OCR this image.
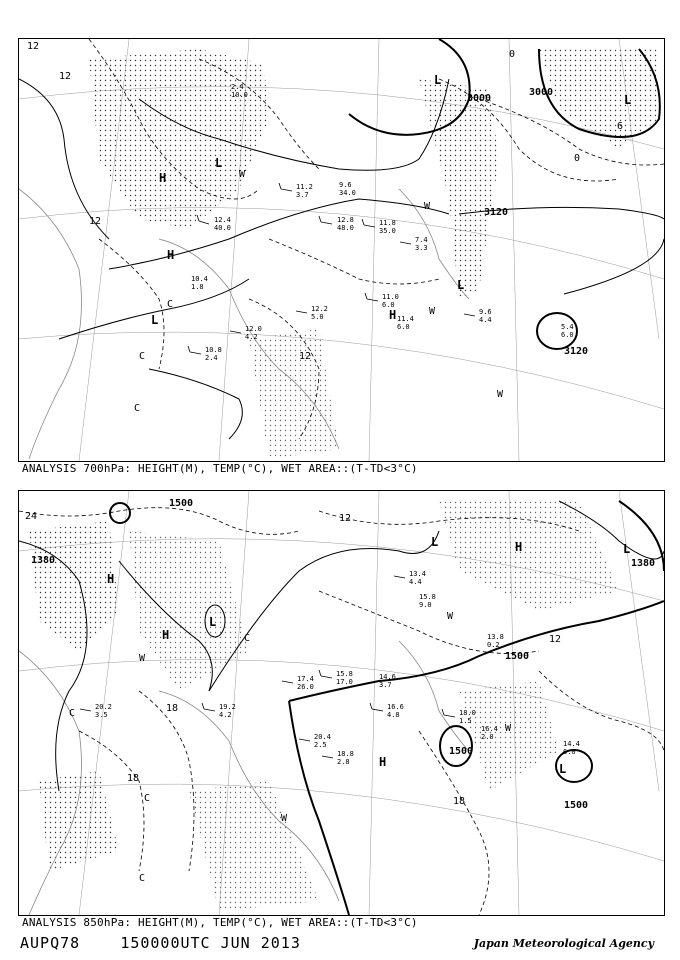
3000
3000
3120
3120
12
12
12
12
0
6
0
H
H
H
L
L
L
L
L
C
C
C
W
W
W
W
12.4
40.0
11.2
3.7
12.8
48.0
9.6
34.0
11.8
35.0
7.4
3.3
11.0
6.0
11.4
6.0
12.2
5.0
10.8
2.4
10.4
1.8
12.0
4.2
9.6
4.4
5.4
6.0
2.4
10.0
ANALYSIS 700hPa: HEIGHT(M), TEMP(°C), WET AREA::(T-TD<3°C)
1500
1500
1500
1500
1380	1380
24
18
18
18
12
12
H
H
H
H
L
L	L
L
C
C
C
C
W
W
W
W
15.8
17.0
17.4
26.0
16.6
4.8
18.8
2.8
14.6
3.7
18.0
1.5
16.4
2.0
20.4
2.5
13.8
0.2
14.4
6.0
19.2
4.2
20.2
3.5
13.4
4.4
15.8
9.0
ANALYSIS 850hPa: HEIGHT(M), TEMP(°C), WET AREA::(T-TD<3°C)
AUPQ78	150000UTC JUN 2013	Japan Meteorological Agency
